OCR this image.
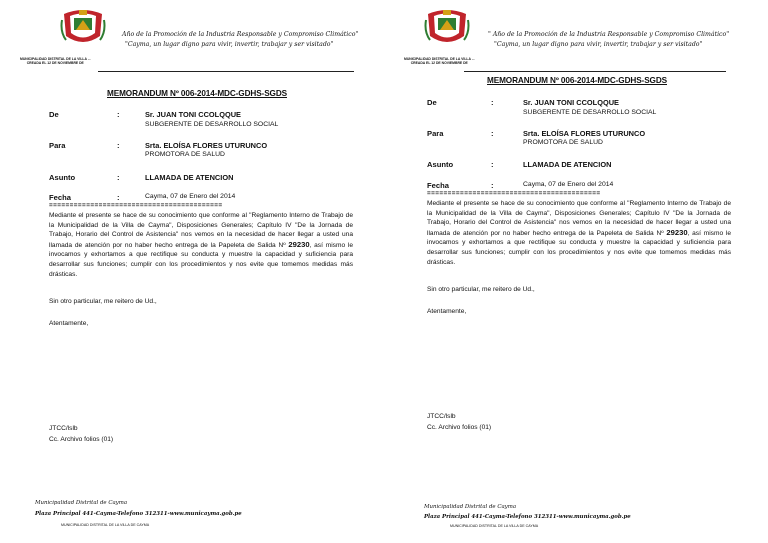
MUNICIPALIDAD DISTRITAL DE LA VILLA ...
CREADA EL 12 DE NOVIEMBRE DE
Año de la Promoción de la Industria Responsable y Compromiso Climático"
"Cayma, un lugar digno para vivir, invertir, trabajar y ser visitado"
MEMORANDUM Nº 006-2014-MDC-GDHS-SGDS
De	:	Sr. JUAN TONI CCOLQQUE
SUBGERENTE DE DESARROLLO SOCIAL
Para	:	Srta. ELOÍSA FLORES UTURUNCO
PROMOTORA DE SALUD
Asunto	:	LLAMADA DE ATENCION
Fecha	:	Cayma, 07 de Enero del 2014
==========================================
Mediante el presente se hace de su conocimiento que conforme al "Reglamento Interno de Trabajo de la Municipalidad de la Villa de Cayma", Disposiciones Generales; Capítulo IV "De la Jornada de Trabajo, Horario del Control de Asistencia" nos vemos en la necesidad de hacer llegar a usted una llamada de atención por no haber hecho entrega de la Papeleta de Salida Nº 29230, así mismo le invocamos y exhortamos a que rectifique su conducta y muestre la capacidad y suficiencia para desarrollar sus funciones; cumplir con los procedimientos y nos evite que tomemos medidas más drásticas.
Sin otro particular, me reitero de Ud.,
Atentamente,
JTCC/lslb
Cc. Archivo folios (01)
Municipalidad Distrital de Cayma
Plaza Principal 441-Cayma-Telefono 312311-www.municayma.gob.pe
MUNICIPALIDAD DISTRITAL DE LA VILLA DE CAYMA
MUNICIPALIDAD DISTRITAL DE LA VILLA ...
CREADA EL 12 DE NOVIEMBRE DE
" Año de la Promoción de la Industria Responsable y Compromiso Climático"
"Cayma, un lugar digno para vivir, invertir, trabajar y ser visitado"
MEMORANDUM Nº 006-2014-MDC-GDHS-SGDS
De	:	Sr. JUAN TONI CCOLQQUE
SUBGERENTE DE DESARROLLO SOCIAL
Para	:	Srta. ELOÍSA FLORES UTURUNCO
PROMOTORA DE SALUD
Asunto	:	LLAMADA DE ATENCION
Fecha	:	Cayma, 07 de Enero del 2014
==========================================
Mediante el presente se hace de su conocimiento que conforme al "Reglamento Interno de Trabajo de la Municipalidad de la Villa de Cayma", Disposiciones Generales; Capítulo IV "De la Jornada de Trabajo, Horario del Control de Asistencia" nos vemos en la necesidad de hacer llegar a usted una llamada de atención por no haber hecho entrega de la Papeleta de Salida Nº 29230, así mismo le invocamos y exhortamos a que rectifique su conducta y muestre la capacidad y suficiencia para desarrollar sus funciones; cumplir con los procedimientos y nos evite que tomemos medidas más drásticas.
Sin otro particular, me reitero de Ud.,
Atentamente,
JTCC/lslb
Cc. Archivo folios (01)
Municipalidad Distrital de Cayma
Plaza Principal 441-Cayma-Telefono 312311-www.municayma.gob.pe
MUNICIPALIDAD DISTRITAL DE LA VILLA DE CAYMA
